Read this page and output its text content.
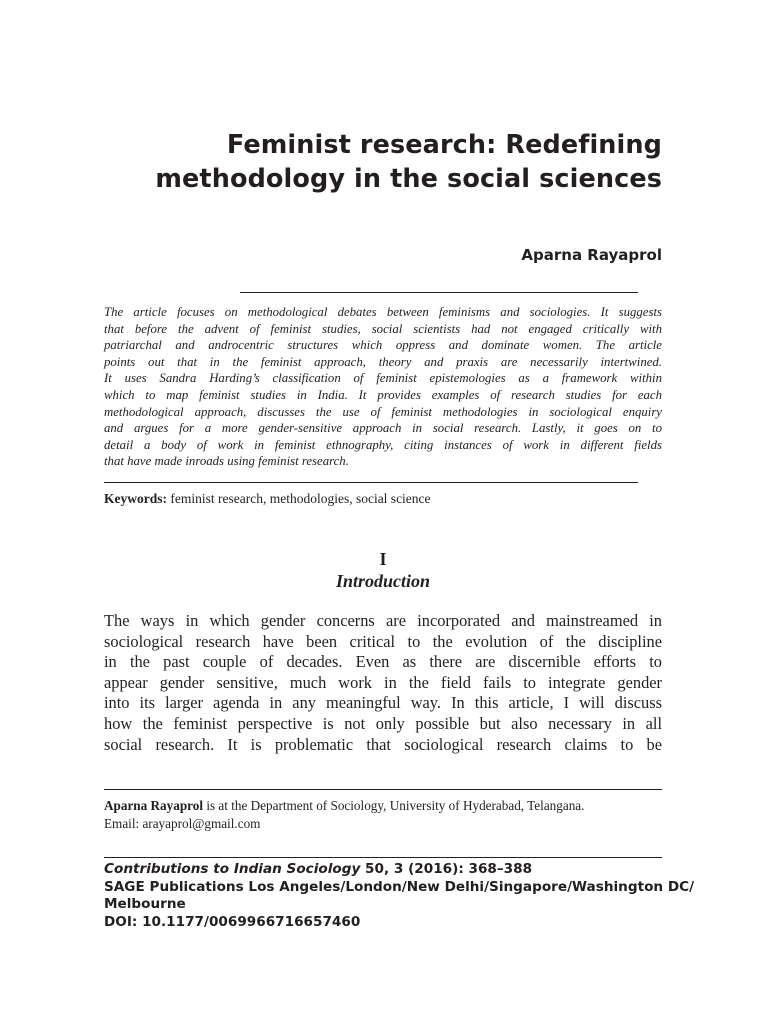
Feminist research: Redefining
methodology in the social sciences
Aparna Rayaprol
The article focuses on methodological debates between feminisms and sociologies. It suggests
that before the advent of feminist studies, social scientists had not engaged critically with
patriarchal and androcentric structures which oppress and dominate women. The article
points out that in the feminist approach, theory and praxis are necessarily intertwined.
It uses Sandra Harding’s classification of feminist epistemologies as a framework within
which to map feminist studies in India. It provides examples of research studies for each
methodological approach, discusses the use of feminist methodologies in sociological enquiry
and argues for a more gender-sensitive approach in social research. Lastly, it goes on to
detail a body of work in feminist ethnography, citing instances of work in different fields
that have made inroads using feminist research.
Keywords: feminist research, methodologies, social science
I
Introduction
The ways in which gender concerns are incorporated and mainstreamed in
sociological research have been critical to the evolution of the discipline
in the past couple of decades. Even as there are discernible efforts to
appear gender sensitive, much work in the field fails to integrate gender
into its larger agenda in any meaningful way. In this article, I will discuss
how the feminist perspective is not only possible but also necessary in all
social research. It is problematic that sociological research claims to be
Aparna Rayaprol is at the Department of Sociology, University of Hyderabad, Telangana.
Email: arayaprol@gmail.com
Contributions to Indian Sociology 50, 3 (2016): 368–388
SAGE Publications Los Angeles/London/New Delhi/Singapore/Washington DC/
Melbourne
DOI: 10.1177/0069966716657460
